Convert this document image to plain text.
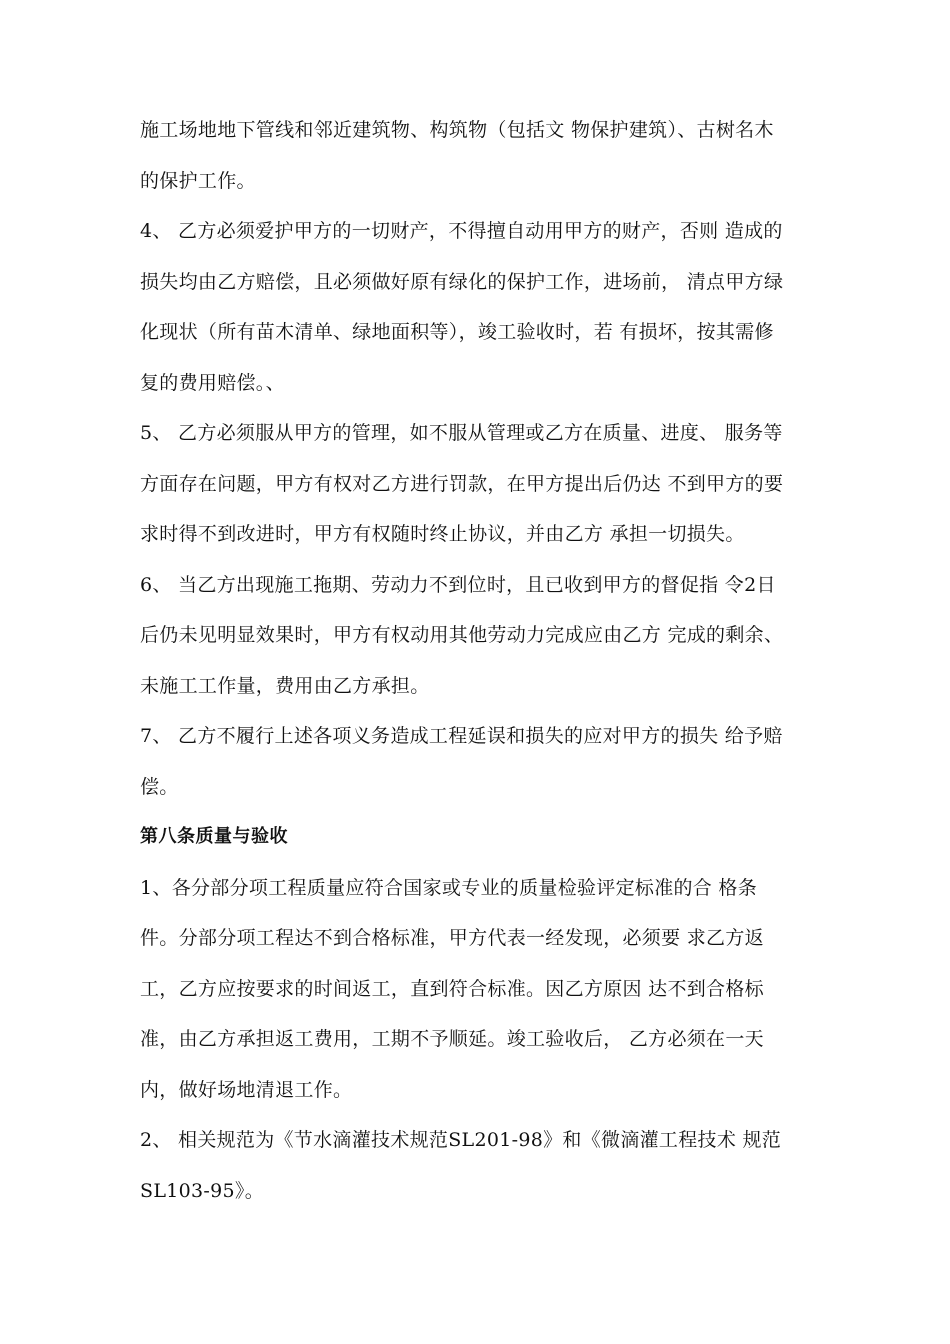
施工场地地下管线和邻近建筑物、构筑物（包括文 物保护建筑）、古树名木

的保护工作。

4、 乙方必须爱护甲方的一切财产，不得擅自动用甲方的财产，否则 造成的

损失均由乙方赔偿，且必须做好原有绿化的保护工作，进场前， 清点甲方绿

化现状（所有苗木清单、绿地面积等），竣工验收时，若 有损坏，按其需修

复的费用赔偿。、

5、 乙方必须服从甲方的管理，如不服从管理或乙方在质量、进度、 服务等

方面存在问题，甲方有权对乙方进行罚款，在甲方提出后仍达 不到甲方的要

求时得不到改进时，甲方有权随时终止协议，并由乙方 承担一切损失。

6、 当乙方出现施工拖期、劳动力不到位时，且已收到甲方的督促指 令2日

后仍未见明显效果时，甲方有权动用其他劳动力完成应由乙方 完成的剩余、

未施工工作量，费用由乙方承担。

7、 乙方不履行上述各项义务造成工程延误和损失的应对甲方的损失 给予赔

偿。

第八条质量与验收

1、各分部分项工程质量应符合国家或专业的质量检验评定标准的合 格条

件。分部分项工程达不到合格标准，甲方代表一经发现，必须要 求乙方返

工，乙方应按要求的时间返工，直到符合标准。因乙方原因 达不到合格标

准，由乙方承担返工费用，工期不予顺延。竣工验收后， 乙方必须在一天

内，做好场地清退工作。

2、 相关规范为《节水滴灌技术规范SL201-98》和《微滴灌工程技术 规范

SL103-95》。
